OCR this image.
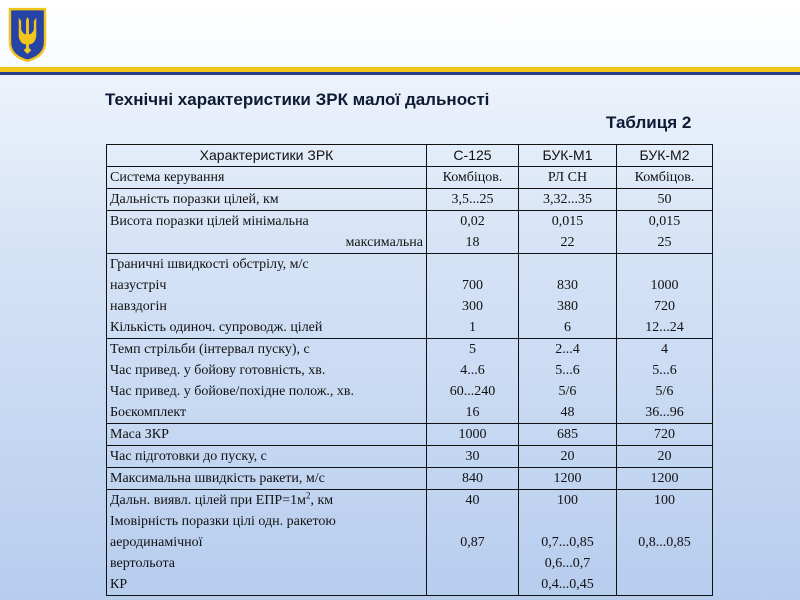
Технічні характеристики ЗРК малої дальності
Таблиця 2
Характеристики ЗРК	С-125	БУК-М1	БУК-М2
Система керування	Комбіцов.	РЛ СН	Комбіцов.
Дальність поразки цілей, км	3,5...25	3,32...35	50
Висота поразки цілей мінімальна	0,02	0,015	0,015
максимальна	18	22	25
Граничні швидкості обстрілу, м/с			
назустріч	700	830	1000
навздогін	300	380	720
Кількість одиноч. супроводж. цілей	1	6	12...24
Темп стрільби (інтервал пуску), с	5	2...4	4
Час привед. у бойову готовність, хв.	4...6	5...6	5...6
Час привед. у бойове/похідне полож., хв.	60...240	5/6	5/6
Боєкомплект	16	48	36...96
Маса ЗКР	1000	685	720
Час підготовки до пуску, с	30	20	20
Максимальна швидкість ракети, м/с	840	1200	1200
Дальн. виявл. цілей при $ЕПР=1м^2$, км	40	100	100
Імовірність поразки цілі одн. ракетою			
аеродинамічної	0,87	0,7...0,85	0,8...0,85
вертольота		0,6...0,7	
КР		0,4...0,45	
